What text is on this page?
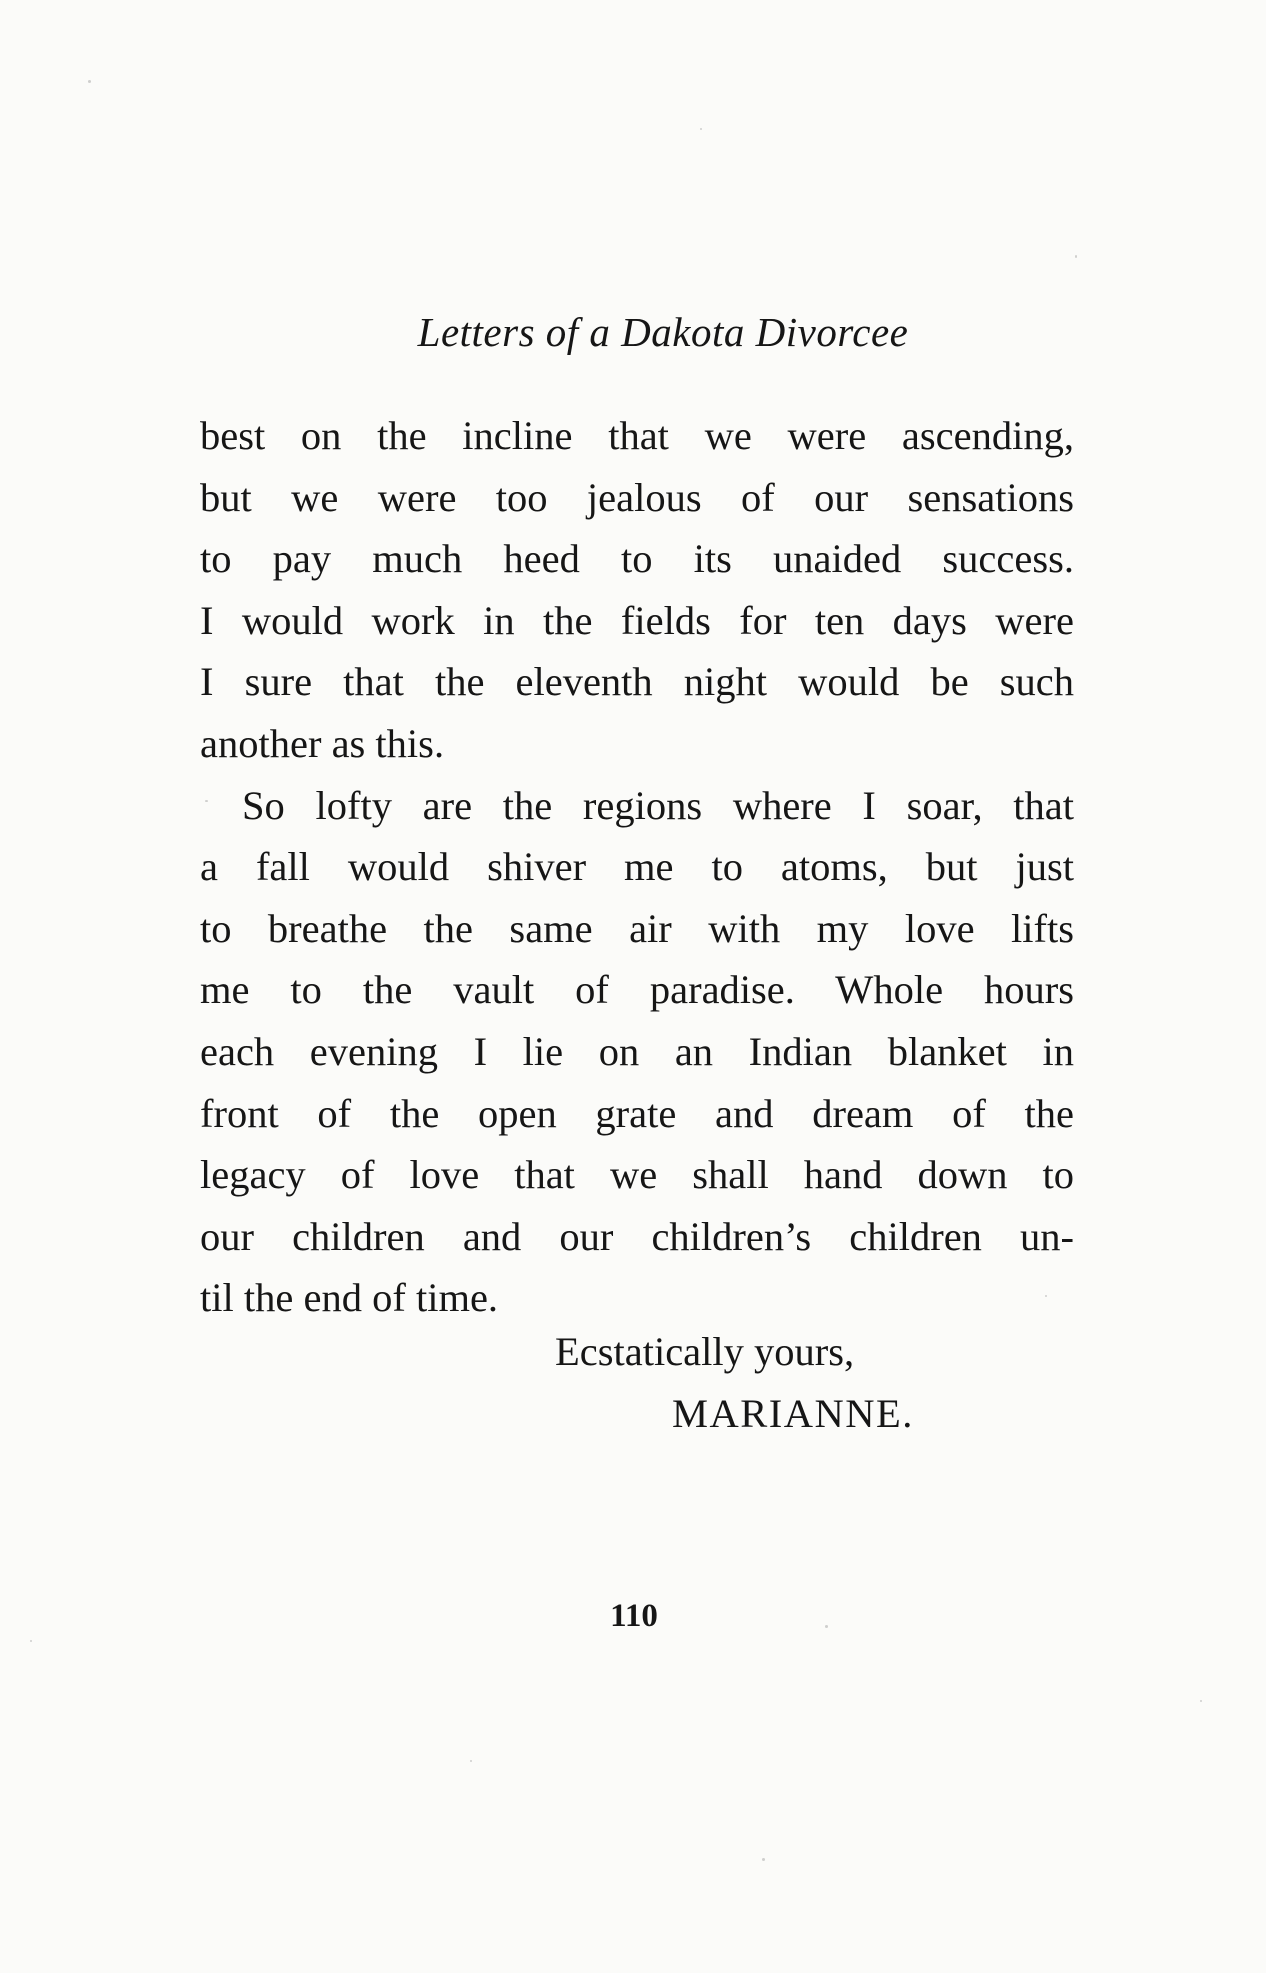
Letters of a Dakota Divorcee
best on the incline that we were ascending,
but we were too jealous of our sensations
to pay much heed to its unaided success.
I would work in the fields for ten days were
I sure that the eleventh night would be such
another as this.
So lofty are the regions where I soar, that
a fall would shiver me to atoms, but just
to breathe the same air with my love lifts
me to the vault of paradise. Whole hours
each evening I lie on an Indian blanket in
front of the open grate and dream of the
legacy of love that we shall hand down to
our children and our children’s children un-
til the end of time.
Ecstatically yours,
MARIANNE.
110
